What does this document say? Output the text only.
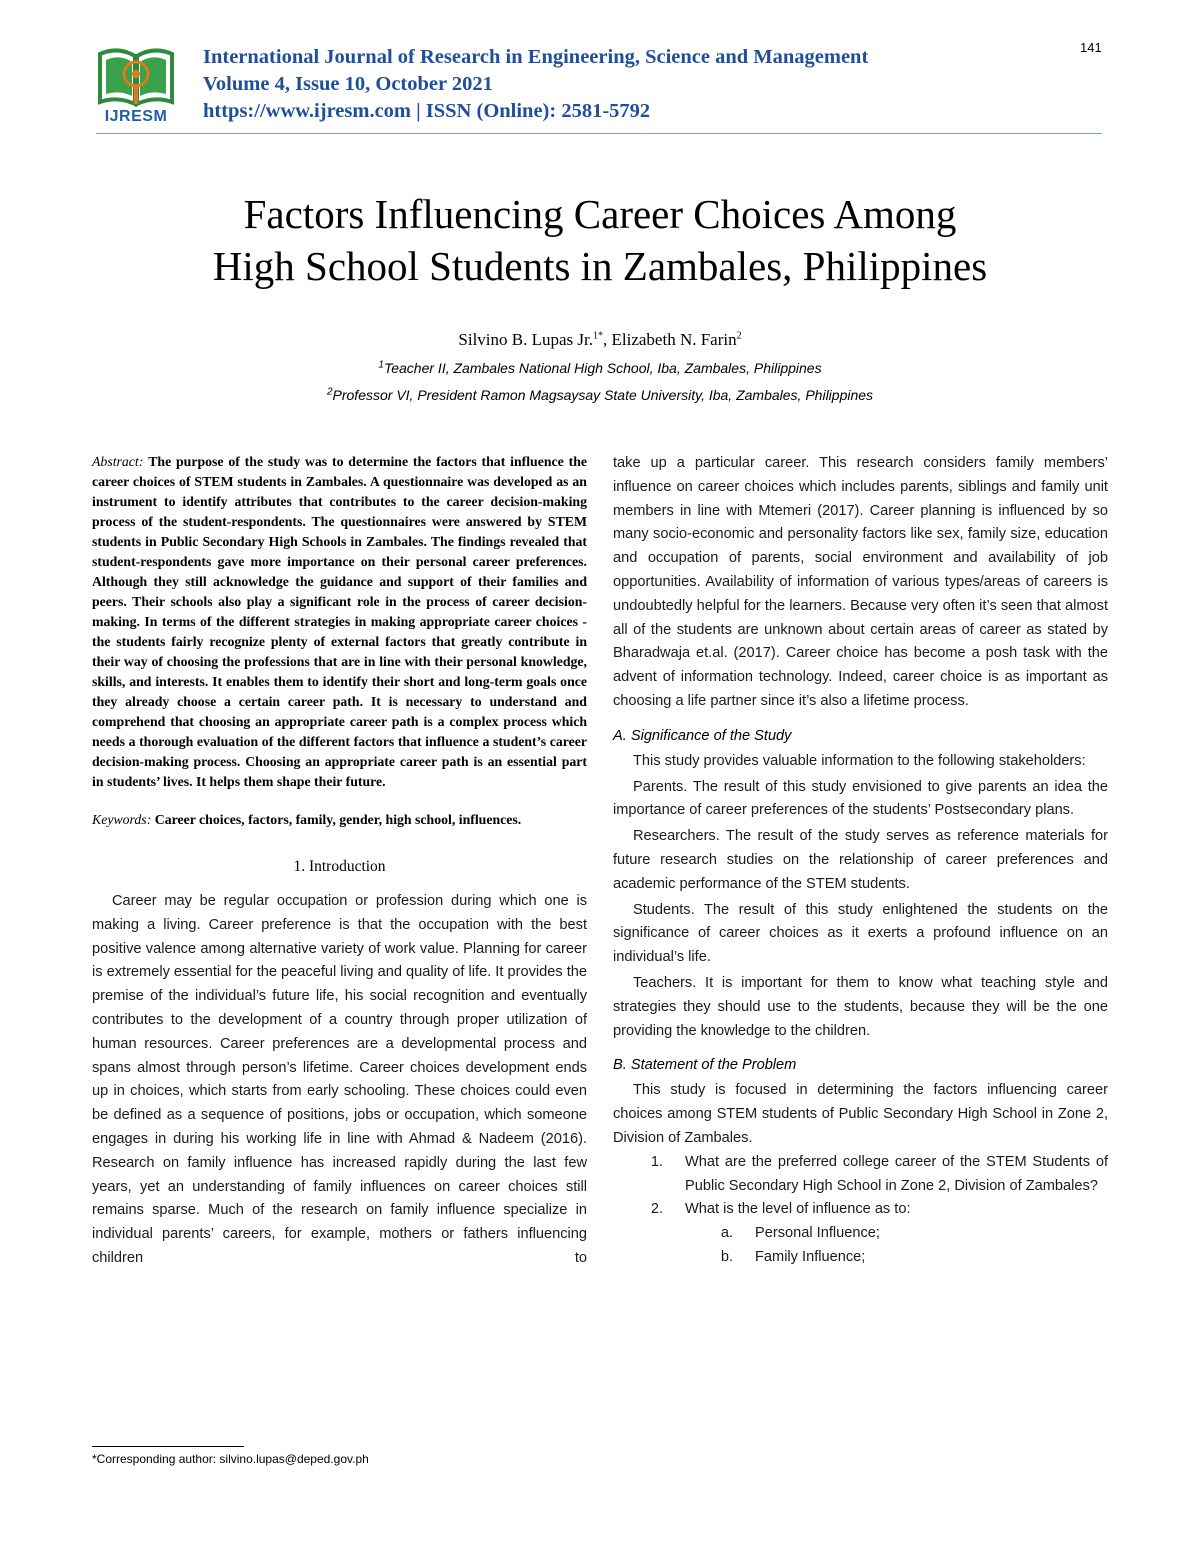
IJRESM
International Journal of Research in Engineering, Science and Management
Volume 4, Issue 10, October 2021
https://www.ijresm.com | ISSN (Online): 2581-5792
141
Factors Influencing Career Choices Among
High School Students in Zambales, Philippines
Silvino B. Lupas Jr.$^{1*}$, Elizabeth N. Farin$^2$
$^1$Teacher II, Zambales National High School, Iba, Zambales, Philippines
$^2$Professor VI, President Ramon Magsaysay State University, Iba, Zambales, Philippines

Abstract: The purpose of the study was to determine the factors that influence the career choices of STEM students in Zambales. A questionnaire was developed as an instrument to identify attributes that contributes to the career decision-making process of the student-respondents. The questionnaires were answered by STEM students in Public Secondary High Schools in Zambales. The findings revealed that student-respondents gave more importance on their personal career preferences. Although they still acknowledge the guidance and support of their families and peers. Their schools also play a significant role in the process of career decision-making. In terms of the different strategies in making appropriate career choices - the students fairly recognize plenty of external factors that greatly contribute in their way of choosing the professions that are in line with their personal knowledge, skills, and interests. It enables them to identify their short and long-term goals once they already choose a certain career path. It is necessary to understand and comprehend that choosing an appropriate career path is a complex process which needs a thorough evaluation of the different factors that influence a student’s career decision-making process. Choosing an appropriate career path is an essential part in students’ lives. It helps them shape their future.

Keywords: Career choices, factors, family, gender, high school, influences.

1. Introduction

Career may be regular occupation or profession during which one is making a living. Career preference is that the occupation with the best positive valence among alternative variety of work value. Planning for career is extremely essential for the peaceful living and quality of life. It provides the premise of the individual’s future life, his social recognition and eventually contributes to the development of a country through proper utilization of human resources. Career preferences are a developmental process and spans almost through person’s lifetime. Career choices development ends up in choices, which starts from early schooling. These choices could even be defined as a sequence of positions, jobs or occupation, which someone engages in during his working life in line with Ahmad & Nadeem (2016). Research on family influence has increased rapidly during the last few years, yet an understanding of family influences on career choices still remains sparse. Much of the research on family influence specialize in individual parents’ careers, for example, mothers or fathers influencing children to

take up a particular career. This research considers family members’ influence on career choices which includes parents, siblings and family unit members in line with Mtemeri (2017). Career planning is influenced by so many socio-economic and personality factors like sex, family size, education and occupation of parents, social environment and availability of job opportunities. Availability of information of various types/areas of careers is undoubtedly helpful for the learners. Because very often it’s seen that almost all of the students are unknown about certain areas of career as stated by Bharadwaja et.al. (2017). Career choice has become a posh task with the advent of information technology. Indeed, career choice is as important as choosing a life partner since it’s also a lifetime process.

A. Significance of the Study

This study provides valuable information to the following stakeholders:

Parents. The result of this study envisioned to give parents an idea the importance of career preferences of the students’ Postsecondary plans.

Researchers. The result of the study serves as reference materials for future research studies on the relationship of career preferences and academic performance of the STEM students.

Students. The result of this study enlightened the students on the significance of career choices as it exerts a profound influence on an individual’s life.

Teachers. It is important for them to know what teaching style and strategies they should use to the students, because they will be the one providing the knowledge to the children.

B. Statement of the Problem

This study is focused in determining the factors influencing career choices among STEM students of Public Secondary High School in Zone 2, Division of Zambales.

1.	What are the preferred college career of the STEM Students of Public Secondary High School in Zone 2, Division of Zambales?
2.	What is the level of influence as to:
a.	Personal Influence;
b.	Family Influence;
*Corresponding author: silvino.lupas@deped.gov.ph
